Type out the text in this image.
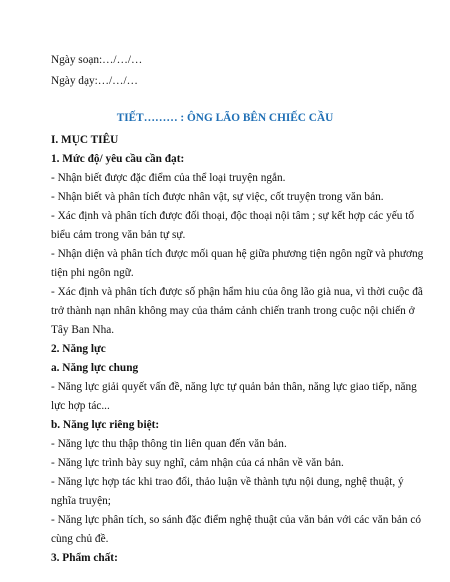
Ngày soạn:…/…/…
Ngày dạy:…/…/…
TIẾT……… : ÔNG LÃO BÊN CHIẾC CẦU
I. MỤC TIÊU
1. Mức độ/ yêu cầu cần đạt:
- Nhận biết được đặc điểm của thể loại truyện ngắn.
- Nhận biết và phân tích được nhân vật, sự việc, cốt truyện trong văn bản.
- Xác định và phân tích được đối thoại, độc thoại nội tâm ; sự kết hợp các yếu tố
biểu cảm trong văn bản tự sự.
- Nhận diện và phân tích được mối quan hệ giữa phương tiện ngôn ngữ và phương
tiện phi ngôn ngữ.
- Xác định và phân tích được số phận hẩm hiu của ông lão già nua, vì thời cuộc đã
trở thành nạn nhân không may của thảm cảnh chiến tranh trong cuộc nội chiến ở
Tây Ban Nha.
2. Năng lực
a. Năng lực chung
- Năng lực giải quyết vấn đề, năng lực tự quản bản thân, năng lực giao tiếp, năng
lực hợp tác...
b. Năng lực riêng biệt:
- Năng lực thu thập thông tin liên quan đến văn bản.
- Năng lực trình bày suy nghĩ, cảm nhận của cá nhân về văn bản.
- Năng lực hợp tác khi trao đổi, thảo luận về thành tựu nội dung, nghệ thuật, ý
nghĩa truyện;
- Năng lực phân tích, so sánh đặc điểm nghệ thuật của văn bản với các văn bản có
cùng chủ đề.
3. Phẩm chất:
